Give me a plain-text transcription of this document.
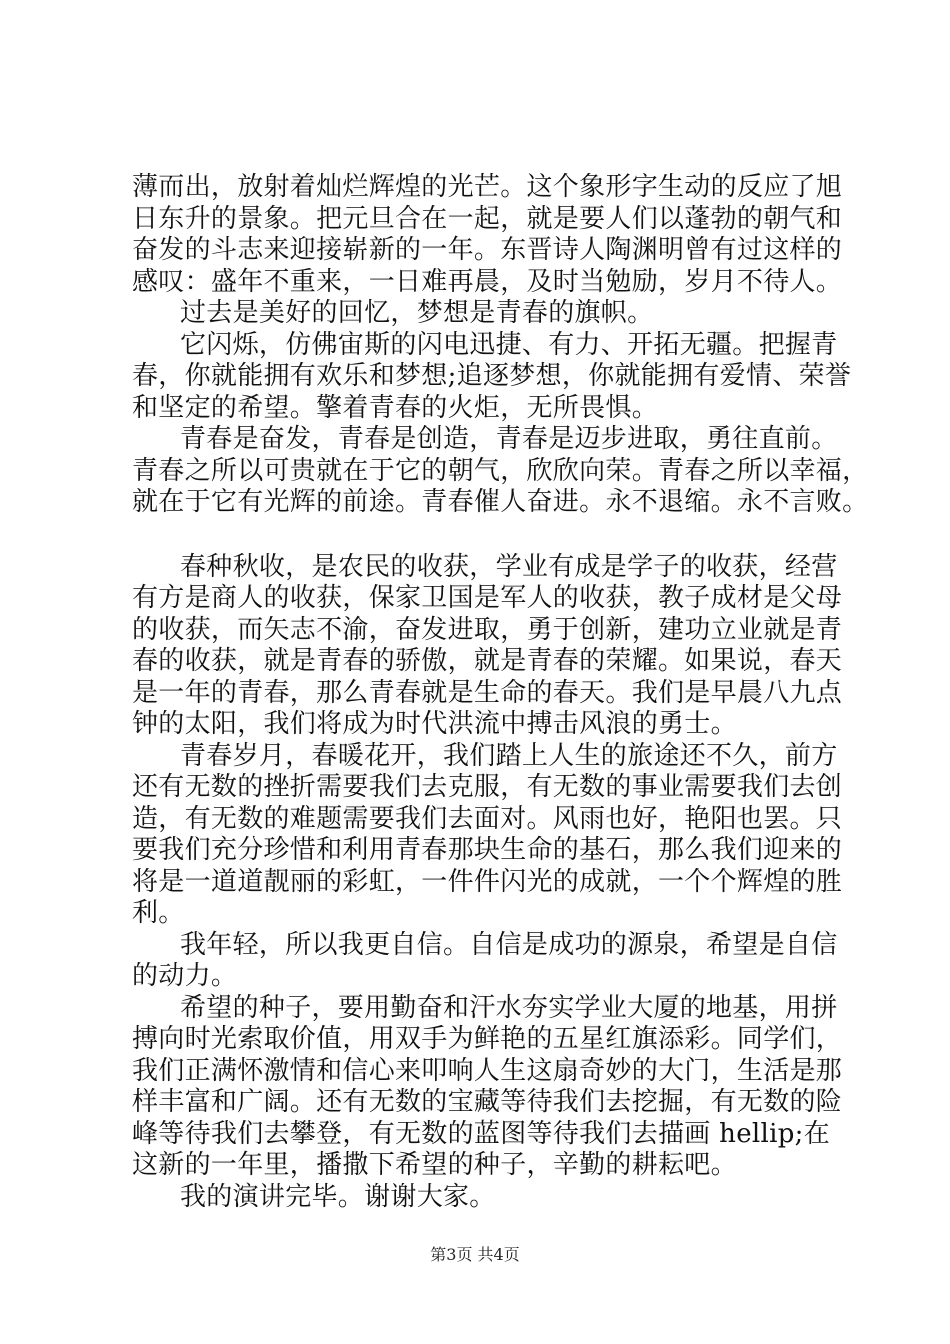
薄而出，放射着灿烂辉煌的光芒。这个象形字生动的反应了旭
日东升的景象。把元旦合在一起，就是要人们以蓬勃的朝气和
奋发的斗志来迎接崭新的一年。东晋诗人陶渊明曾有过这样的
感叹：盛年不重来，一日难再晨，及时当勉励，岁月不待人。
过去是美好的回忆，梦想是青春的旗帜。
它闪烁，仿佛宙斯的闪电迅捷、有力、开拓无疆。把握青
春，你就能拥有欢乐和梦想;追逐梦想，你就能拥有爱情、荣誉
和坚定的希望。擎着青春的火炬，无所畏惧。
青春是奋发，青春是创造，青春是迈步进取，勇往直前。
青春之所以可贵就在于它的朝气，欣欣向荣。青春之所以幸福，
就在于它有光辉的前途。青春催人奋进。永不退缩。永不言败。
春种秋收，是农民的收获，学业有成是学子的收获，经营
有方是商人的收获，保家卫国是军人的收获，教子成材是父母
的收获，而矢志不渝，奋发进取，勇于创新，建功立业就是青
春的收获，就是青春的骄傲，就是青春的荣耀。如果说，春天
是一年的青春，那么青春就是生命的春天。我们是早晨八九点
钟的太阳，我们将成为时代洪流中搏击风浪的勇士。
青春岁月，春暖花开，我们踏上人生的旅途还不久，前方
还有无数的挫折需要我们去克服，有无数的事业需要我们去创
造，有无数的难题需要我们去面对。风雨也好，艳阳也罢。只
要我们充分珍惜和利用青春那块生命的基石，那么我们迎来的
将是一道道靓丽的彩虹，一件件闪光的成就，一个个辉煌的胜
利。
我年轻，所以我更自信。自信是成功的源泉，希望是自信
的动力。
希望的种子，要用勤奋和汗水夯实学业大厦的地基，用拼
搏向时光索取价值，用双手为鲜艳的五星红旗添彩。同学们，
我们正满怀激情和信心来叩响人生这扇奇妙的大门，生活是那
样丰富和广阔。还有无数的宝藏等待我们去挖掘，有无数的险
峰等待我们去攀登，有无数的蓝图等待我们去描画 hellip;在
这新的一年里，播撒下希望的种子，辛勤的耕耘吧。
我的演讲完毕。谢谢大家。
第3页 共4页
